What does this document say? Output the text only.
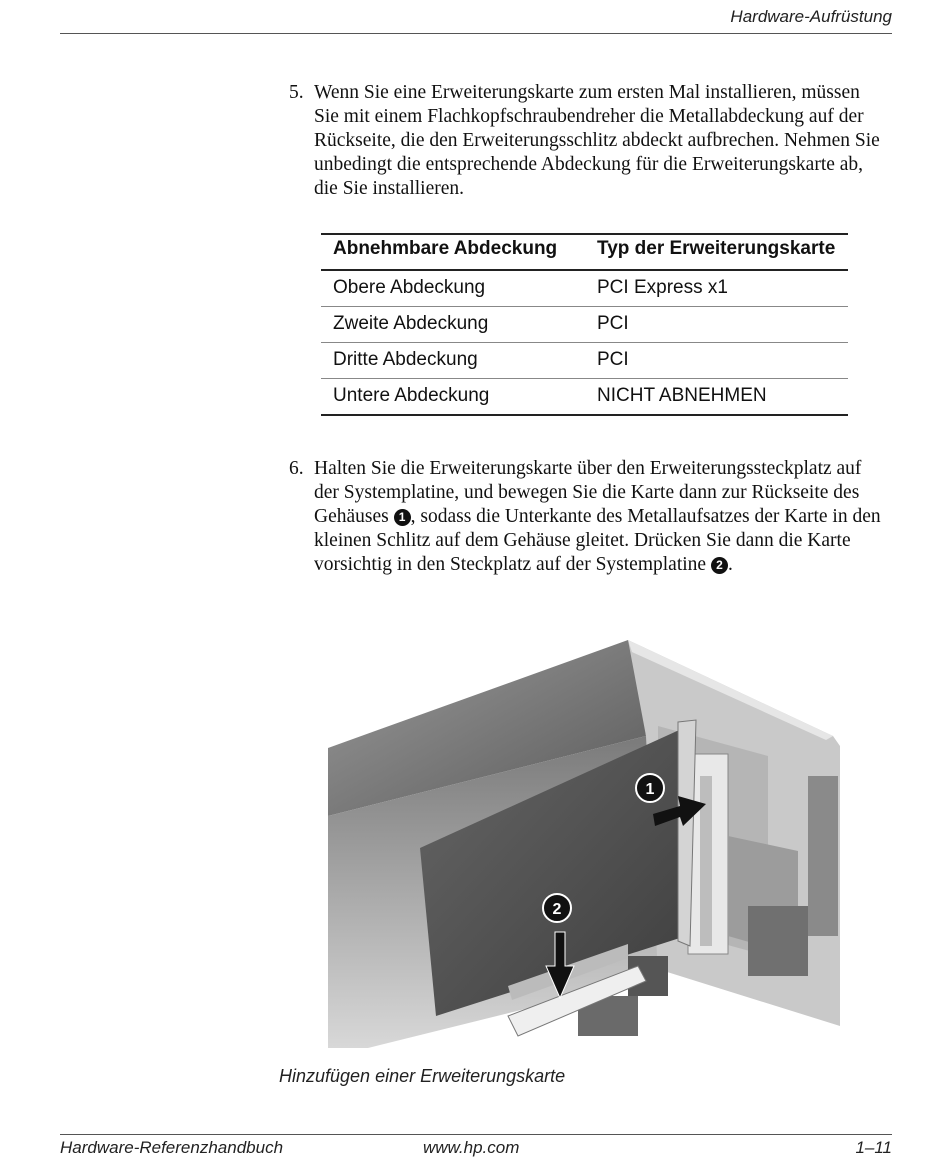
Hardware-Aufrüstung
5. Wenn Sie eine Erweiterungskarte zum ersten Mal installieren, müssen Sie mit einem Flachkopfschraubendreher die Metallabdeckung auf der Rückseite, die den Erweiterungsschlitz abdeckt aufbrechen. Nehmen Sie unbedingt die entsprechende Abdeckung für die Erweiterungskarte ab, die Sie installieren.
Abnehmbare Abdeckung	Typ der Erweiterungskarte
Obere Abdeckung	PCI Express x1
Zweite Abdeckung	PCI
Dritte Abdeckung	PCI
Untere Abdeckung	NICHT ABNEHMEN
6. Halten Sie die Erweiterungskarte über den Erweiterungssteckplatz auf der Systemplatine, und bewegen Sie die Karte dann zur Rückseite des Gehäuses 1 , sodass die Unterkante des Metallaufsatzes der Karte in den kleinen Schlitz auf dem Gehäuse gleitet. Drücken Sie dann die Karte vorsichtig in den Steckplatz auf der Systemplatine 2 .
1
2
Hinzufügen einer Erweiterungskarte
Hardware-Referenzhandbuch	www.hp.com	1–11
